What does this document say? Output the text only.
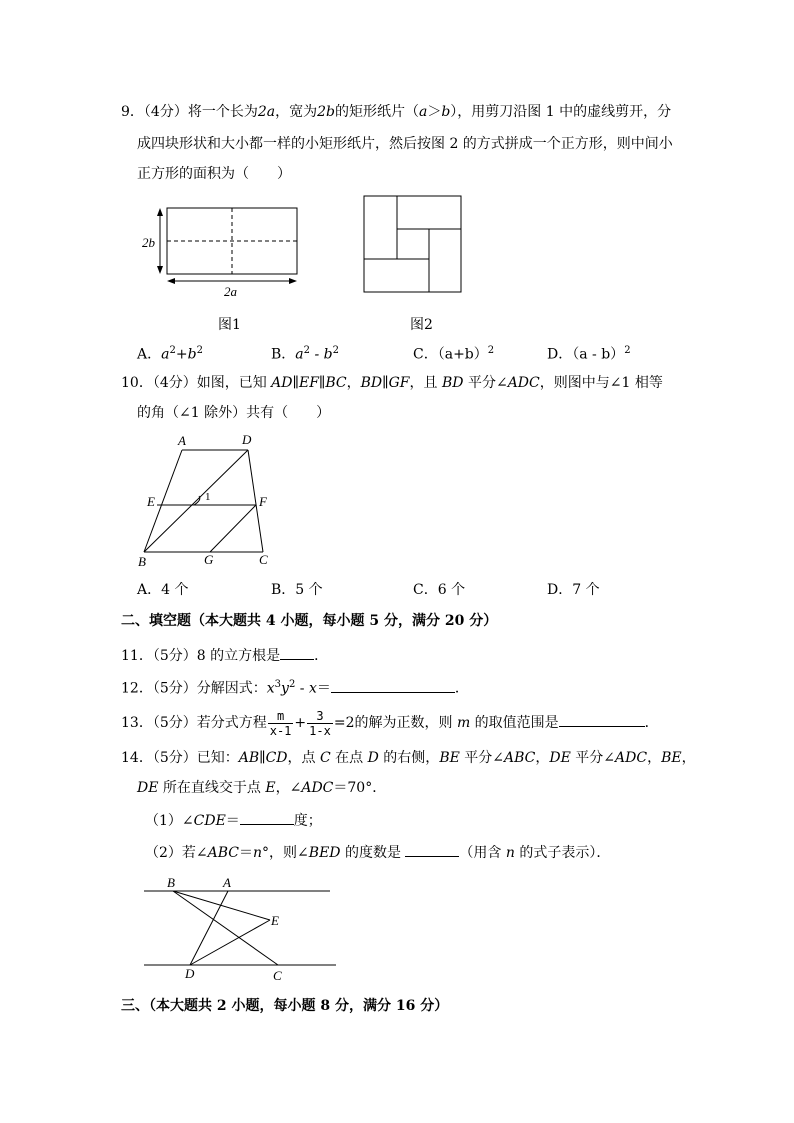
9．（4分）将一个长为2a，宽为2b的矩形纸片（a＞b），用剪刀沿图 1 中的虚线剪开，分
成四块形状和大小都一样的小矩形纸片，然后按图 2 的方式拼成一个正方形，则中间小
正方形的面积为（　　）
2b
2a
图1	图2
A．$a^2+b^2$	B．$a^2 - b^2$	C．$(a+b)^2$	D．（a - b）$^2$
10．（4分）如图，已知 AD∥EF∥BC，BD∥GF，且 BD 平分∠ADC，则图中与∠1 相等
的角（∠1 除外）共有（　　）
A	D
E	F
B	G	C
1
A．4 个	B．5 个	C．6 个	D．7 个
二、填空题（本大题共 4 小题，每小题 5 分，满分 20 分）
11．（5分）8 的立方根是 ．
12．（5分）分解因式：$x^3y^2 - x=$	．
13．（5分）若分式方程 $\frac{m}{x-1} + \frac{3}{1-x} =2$的解为正数，则 m 的取值范围是	．
14．（5分）已知：AB∥CD，点 C 在点 D 的右侧，BE 平分∠ABC，DE 平分∠ADC，BE，
DE 所在直线交于点 E，∠ADC＝70°．
（1）∠CDE＝	度；
（2）若∠ABC＝n°，则∠BED 的度数是	（用含 n 的式子表示）．
B	A
E
D	C
三、（本大题共 2 小题，每小题 8 分，满分 16 分）
